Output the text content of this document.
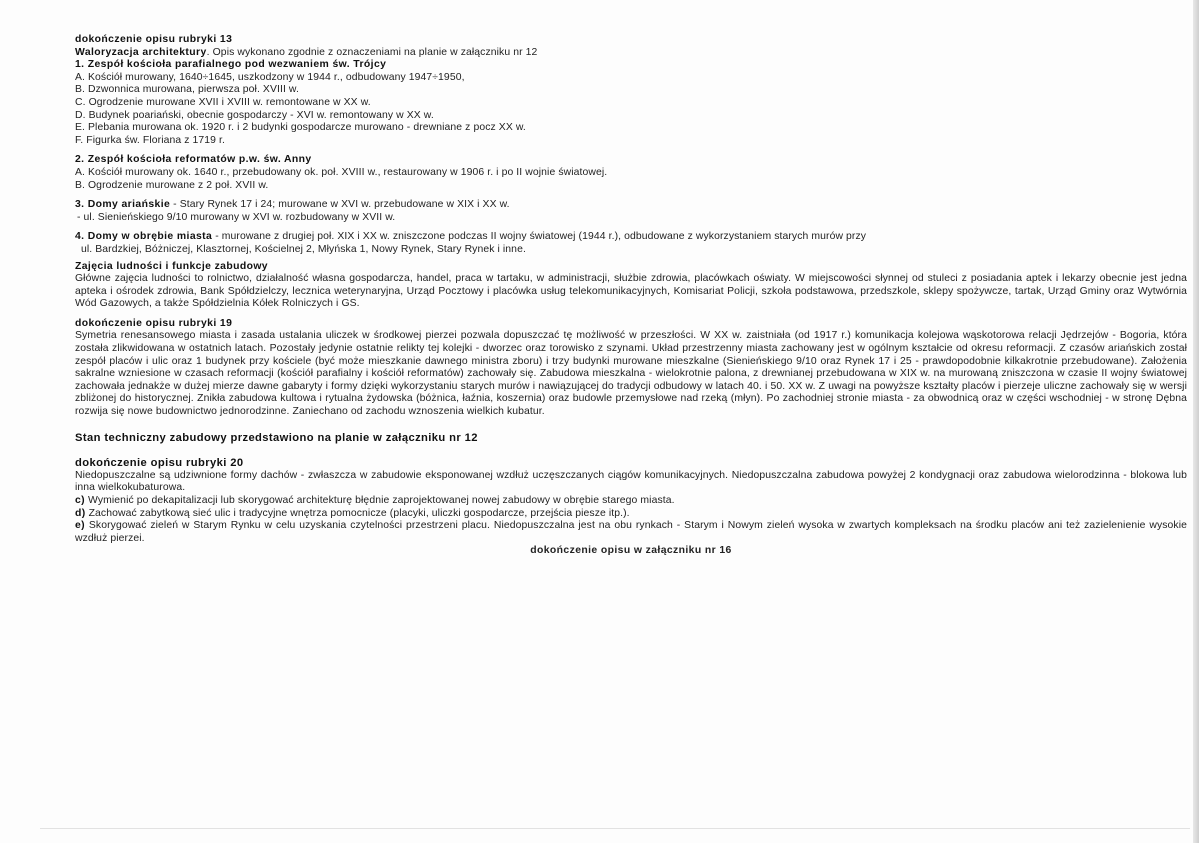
dokończenie opisu rubryki 13
Waloryzacja architektury. Opis wykonano zgodnie z oznaczeniami na planie w załączniku nr 12
1. Zespół kościoła parafialnego pod wezwaniem św. Trójcy
A. Kościół murowany, 1640÷1645, uszkodzony w 1944 r., odbudowany 1947÷1950,
B. Dzwonnica murowana, pierwsza poł. XVIII w.
C. Ogrodzenie murowane XVII i XVIII w. remontowane w XX w.
D. Budynek poariański, obecnie gospodarczy - XVI w. remontowany w XX w.
E. Plebania murowana ok. 1920 r. i 2 budynki gospodarcze murowano - drewniane z pocz XX w.
F. Figurka św. Floriana z 1719 r.
2. Zespół kościoła reformatów p.w. św. Anny
A. Kościół murowany ok. 1640 r., przebudowany ok. poł. XVIII w., restaurowany w 1906 r. i po II wojnie światowej.
B. Ogrodzenie murowane z 2 poł. XVII w.
3. Domy ariańskie - Stary Rynek 17 i 24; murowane w XVI w. przebudowane w XIX i XX w.
- ul. Sienieńskiego 9/10 murowany w XVI w. rozbudowany w XVII w.
4. Domy w obrębie miasta - murowane z drugiej poł. XIX i XX w. zniszczone podczas II wojny światowej (1944 r.), odbudowane z wykorzystaniem starych murów przy
ul. Bardzkiej, Bóżniczej, Klasztornej, Kościelnej 2, Młyńska 1, Nowy Rynek, Stary Rynek i inne.
Zajęcia ludności i funkcje zabudowy

Główne zajęcia ludności to rolnictwo, działalność własna gospodarcza, handel, praca w tartaku, w administracji, służbie zdrowia, placówkach oświaty. W miejscowości słynnej od stuleci z posiadania aptek i lekarzy obecnie jest jedna apteka i ośrodek zdrowia, Bank Spółdzielczy, lecznica weterynaryjna, Urząd Pocztowy i placówka usług telekomunikacyjnych, Komisariat Policji, szkoła podstawowa, przedszkole, sklepy spożywcze, tartak, Urząd Gminy oraz Wytwórnia Wód Gazowych, a także Spółdzielnia Kółek Rolniczych i GS.

dokończenie opisu rubryki 19

Symetria renesansowego miasta i zasada ustalania uliczek w środkowej pierzei pozwala dopuszczać tę możliwość w przeszłości. W XX w. zaistniała (od 1917 r.) komunikacja kolejowa wąskotorowa relacji Jędrzejów - Bogoria, która została zlikwidowana w ostatnich latach. Pozostały jedynie ostatnie relikty tej kolejki - dworzec oraz torowisko z szynami. Układ przestrzenny miasta zachowany jest w ogólnym kształcie od okresu reformacji. Z czasów ariańskich został zespół placów i ulic oraz 1 budynek przy kościele (być może mieszkanie dawnego ministra zboru) i trzy budynki murowane mieszkalne (Sienieńskiego 9/10 oraz Rynek 17 i 25 - prawdopodobnie kilkakrotnie przebudowane). Założenia sakralne wzniesione w czasach reformacji (kościół parafialny i kościół reformatów) zachowały się. Zabudowa mieszkalna - wielokrotnie palona, z drewnianej przebudowana w XIX w. na murowaną zniszczona w czasie II wojny światowej zachowała jednakże w dużej mierze dawne gabaryty i formy dzięki wykorzystaniu starych murów i nawiązującej do tradycji odbudowy w latach 40. i 50. XX w. Z uwagi na powyższe kształty placów i pierzeje uliczne zachowały się w wersji zbliżonej do historycznej. Znikła zabudowa kultowa i rytualna żydowska (bóżnica, łaźnia, koszernia) oraz budowle przemysłowe nad rzeką (młyn). Po zachodniej stronie miasta - za obwodnicą oraz w części wschodniej - w stronę Dębna rozwija się nowe budownictwo jednorodzinne. Zaniechano od zachodu wznoszenia wielkich kubatur.

Stan techniczny zabudowy przedstawiono na planie w załączniku nr 12
dokończenie opisu rubryki 20

Niedopuszczalne są udziwnione formy dachów - zwłaszcza w zabudowie eksponowanej wzdłuż uczęszczanych ciągów komunikacyjnych. Niedopuszczalna zabudowa powyżej 2 kondygnacji oraz zabudowa wielorodzinna - blokowa lub inna wielkokubaturowa.

c) Wymienić po dekapitalizacji lub skorygować architekturę błędnie zaprojektowanej nowej zabudowy w obrębie starego miasta.
d) Zachować zabytkową sieć ulic i tradycyjne wnętrza pomocnicze (placyki, uliczki gospodarcze, przejścia piesze itp.).

e) Skorygować zieleń w Starym Rynku w celu uzyskania czytelności przestrzeni placu. Niedopuszczalna jest na obu rynkach - Starym i Nowym zieleń wysoka w zwartych kompleksach na środku placów ani też zazielenienie wysokie wzdłuż pierzei.

dokończenie opisu w załączniku nr 16
